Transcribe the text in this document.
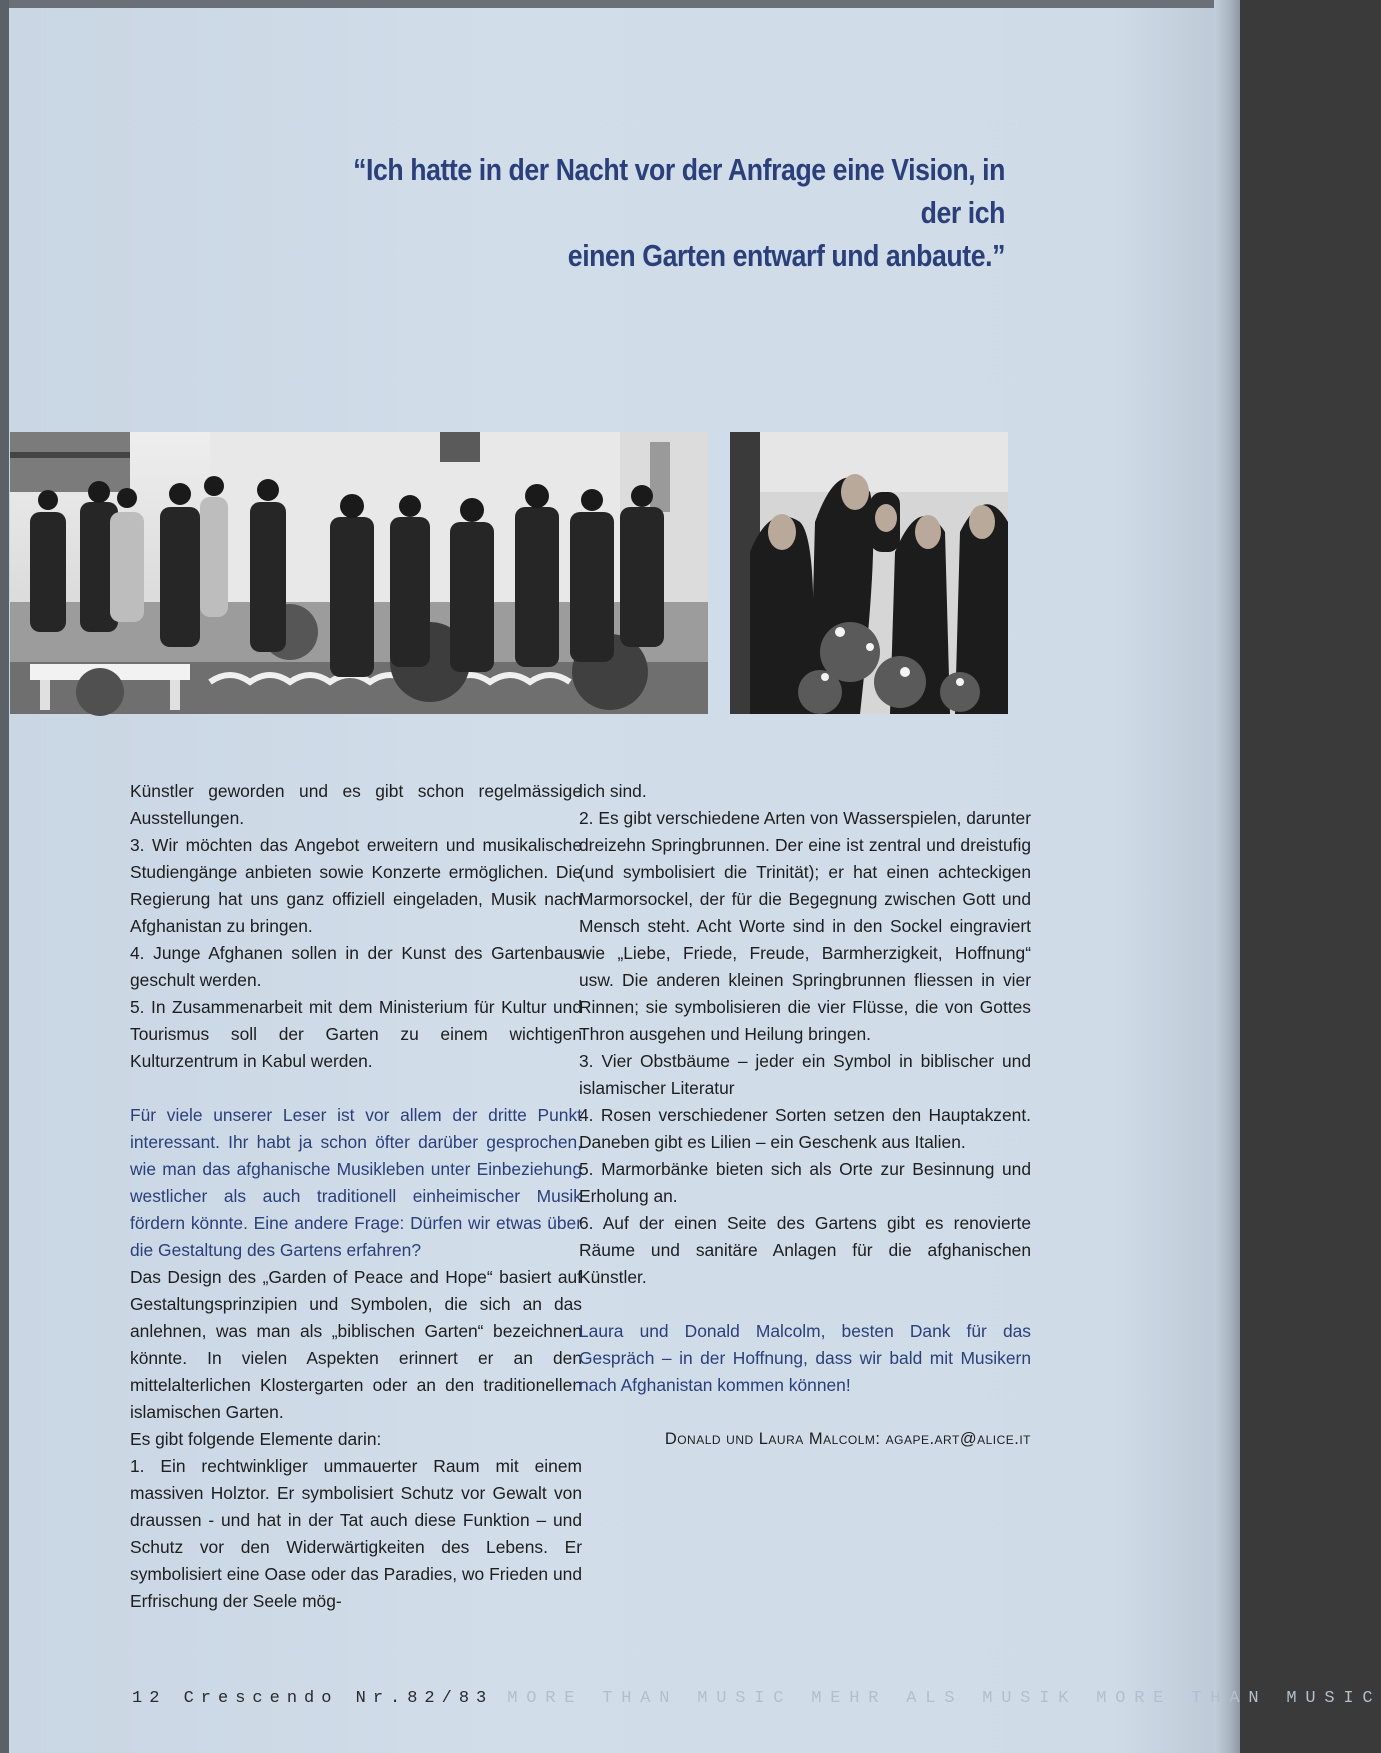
“Ich hatte in der Nacht vor der Anfrage eine Vision, in der ich
einen Garten entwarf und anbaute.”

Künstler geworden und es gibt schon regelmässige Ausstellungen.

3. Wir möchten das Angebot erweitern und musikalische Studiengänge anbieten sowie Konzerte ermöglichen. Die Regierung hat uns ganz offiziell eingeladen, Musik nach Afghanistan zu bringen.

4. Junge Afghanen sollen in der Kunst des Gartenbaus geschult werden.

5. In Zusammenarbeit mit dem Ministerium für Kultur und Tourismus soll der Garten zu einem wichtigen Kulturzentrum in Kabul werden.

Für viele unserer Leser ist vor allem der dritte Punkt interessant. Ihr habt ja schon öfter darüber gesprochen, wie man das afghanische Musikleben unter Einbeziehung westlicher als auch traditionell einheimischer Musik fördern könnte. Eine andere Frage: Dürfen wir etwas über die Gestaltung des Gartens erfahren?

Das Design des „Garden of Peace and Hope“ basiert auf Gestaltungsprinzipien und Symbolen, die sich an das anlehnen, was man als „biblischen Garten“ bezeichnen könnte. In vielen Aspekten erinnert er an den mittelalterlichen Klostergarten oder an den traditionellen islamischen Garten.

Es gibt folgende Elemente darin:

1. Ein rechtwinkliger ummauerter Raum mit einem massiven Holztor. Er symbolisiert Schutz vor Gewalt von draussen - und hat in der Tat auch diese Funktion – und Schutz vor den Widerwärtigkeiten des Lebens. Er symbolisiert eine Oase oder das Paradies, wo Frieden und Erfrischung der Seele mög-

lich sind.

2. Es gibt verschiedene Arten von Wasserspielen, darunter dreizehn Springbrunnen. Der eine ist zentral und dreistufig (und symbolisiert die Trinität); er hat einen achteckigen Marmorsockel, der für die Begegnung zwischen Gott und Mensch steht. Acht Worte sind in den Sockel eingraviert wie „Liebe, Friede, Freude, Barmherzigkeit, Hoffnung“ usw. Die anderen kleinen Springbrunnen fliessen in vier Rinnen; sie symbolisieren die vier Flüsse, die von Gottes Thron ausgehen und Heilung bringen.

3. Vier Obstbäume – jeder ein Symbol in biblischer und islamischer Literatur

4. Rosen verschiedener Sorten setzen den Hauptakzent. Daneben gibt es Lilien – ein Geschenk aus Italien.

5. Marmorbänke bieten sich als Orte zur Besinnung und Erholung an.

6. Auf der einen Seite des Gartens gibt es renovierte Räume und sanitäre Anlagen für die afghanischen Künstler.

Laura und Donald Malcolm, besten Dank für das Gespräch – in der Hoffnung, dass wir bald mit Musikern nach Afghanistan kommen können!

Donald und Laura Malcolm: agape.art@alice.it

12 Crescendo Nr.82/83 MORE THAN MUSIC MEHR ALS MUSIK MORE THAN MUSIC
